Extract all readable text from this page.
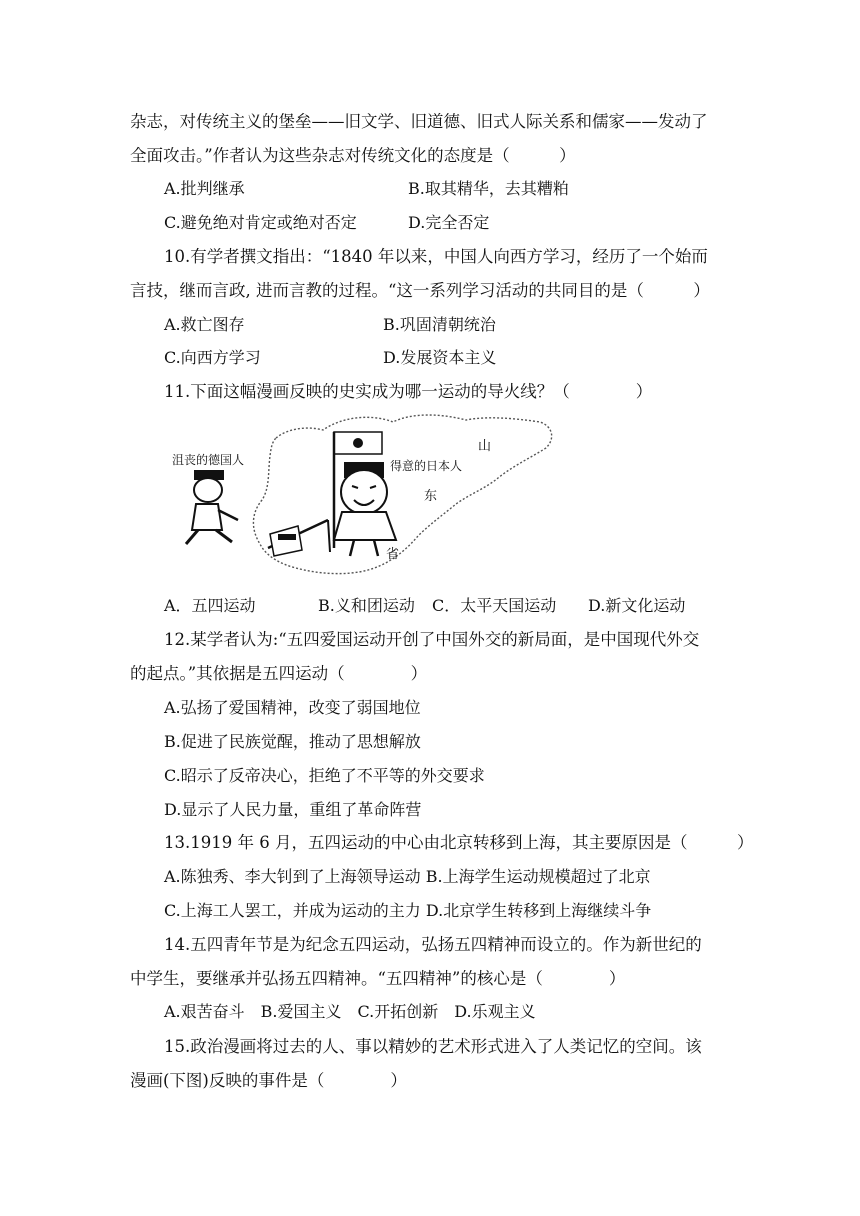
杂志，对传统主义的堡垒——旧文学、旧道德、旧式人际关系和儒家——发动了
全面攻击。”作者认为这些杂志对传统文化的态度是（　　　）
A.批判继承	B.取其精华，去其糟粕
C.避免绝对肯定或绝对否定	D.完全否定
10.有学者撰文指出：“1840 年以来，中国人向西方学习，经历了一个始而
言技，继而言政, 进而言教的过程。“这一系列学习活动的共同目的是（　　　）
A.救亡图存	B.巩固清朝统治
C.向西方学习	D.发展资本主义
11.下面这幅漫画反映的史实成为哪一运动的导火线？（　　　　）
沮丧的德国人	得意的日本人
山
东
省
A．五四运动	B.义和团运动 C．太平天国运动 D.新文化运动
12.某学者认为:“五四爱国运动开创了中国外交的新局面，是中国现代外交
的起点。”其依据是五四运动（　　　　）
A.弘扬了爱国精神，改变了弱国地位
B.促进了民族觉醒，推动了思想解放
C.昭示了反帝决心，拒绝了不平等的外交要求
D.显示了人民力量，重组了革命阵营
13.1919 年 6 月，五四运动的中心由北京转移到上海，其主要原因是（　　　）
A.陈独秀、李大钊到了上海领导运动 B.上海学生运动规模超过了北京
C.上海工人罢工，并成为运动的主力 D.北京学生转移到上海继续斗争
14.五四青年节是为纪念五四运动，弘扬五四精神而设立的。作为新世纪的
中学生，要继承并弘扬五四精神。“五四精神”的核心是（　　　　）
A.艰苦奋斗　B.爱国主义　C.开拓创新　D.乐观主义
15.政治漫画将过去的人、事以精妙的艺术形式进入了人类记忆的空间。该
漫画(下图)反映的事件是（　　　　）
